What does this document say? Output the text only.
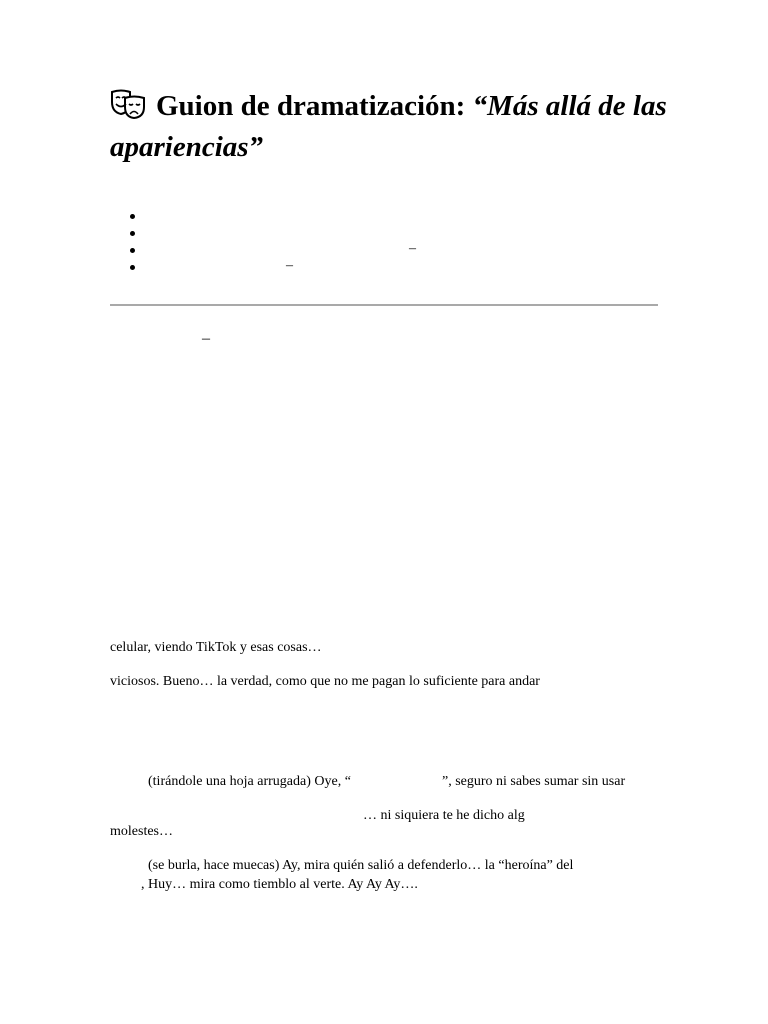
Guion de dramatización: “Más allá de las apariencias”
–
–
–
celular, viendo TikTok y esas cosas…
viciosos. Bueno… la verdad, como que no me pagan lo suficiente para andar
(tirándole una hoja arrugada) Oye, “	”, seguro ni sabes sumar sin usar
… ni siquiera te he dicho alg
molestes…
(se burla, hace muecas) Ay, mira quién salió a defenderlo… la “heroína” del
, Huy… mira como tiemblo al verte. Ay Ay Ay….
